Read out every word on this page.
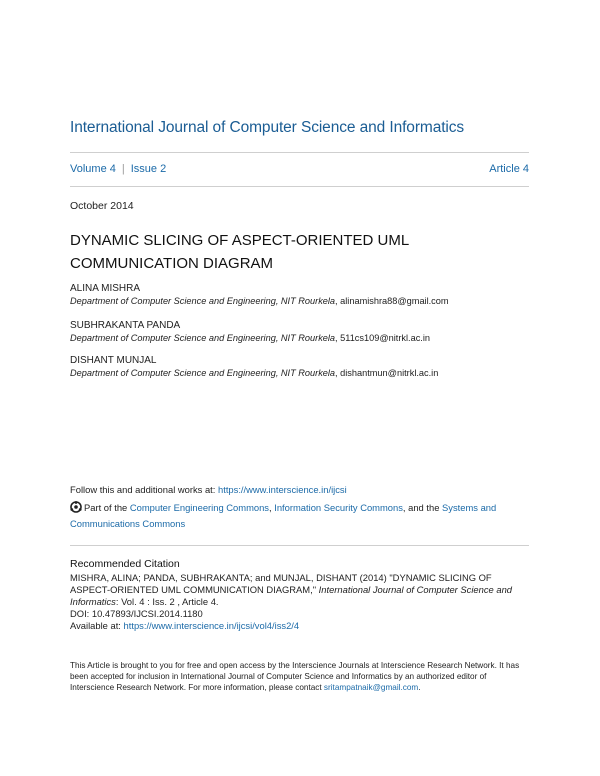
International Journal of Computer Science and Informatics
Volume 4 | Issue 2	Article 4
October 2014
DYNAMIC SLICING OF ASPECT-ORIENTED UML
COMMUNICATION DIAGRAM
ALINA MISHRA
Department of Computer Science and Engineering, NIT Rourkela, alinamishra88@gmail.com
SUBHRAKANTA PANDA
Department of Computer Science and Engineering, NIT Rourkela, 511cs109@nitrkl.ac.in
DISHANT MUNJAL
Department of Computer Science and Engineering, NIT Rourkela, dishantmun@nitrkl.ac.in
Follow this and additional works at: https://www.interscience.in/ijcsi
Part of the Computer Engineering Commons, Information Security Commons, and the Systems and Communications Commons
Recommended Citation
MISHRA, ALINA; PANDA, SUBHRAKANTA; and MUNJAL, DISHANT (2014) "DYNAMIC SLICING OF ASPECT-ORIENTED UML COMMUNICATION DIAGRAM," International Journal of Computer Science and Informatics: Vol. 4 : Iss. 2 , Article 4.
DOI: 10.47893/IJCSI.2014.1180
Available at: https://www.interscience.in/ijcsi/vol4/iss2/4
This Article is brought to you for free and open access by the Interscience Journals at Interscience Research Network. It has been accepted for inclusion in International Journal of Computer Science and Informatics by an authorized editor of Interscience Research Network. For more information, please contact sritampatnaik@gmail.com.
